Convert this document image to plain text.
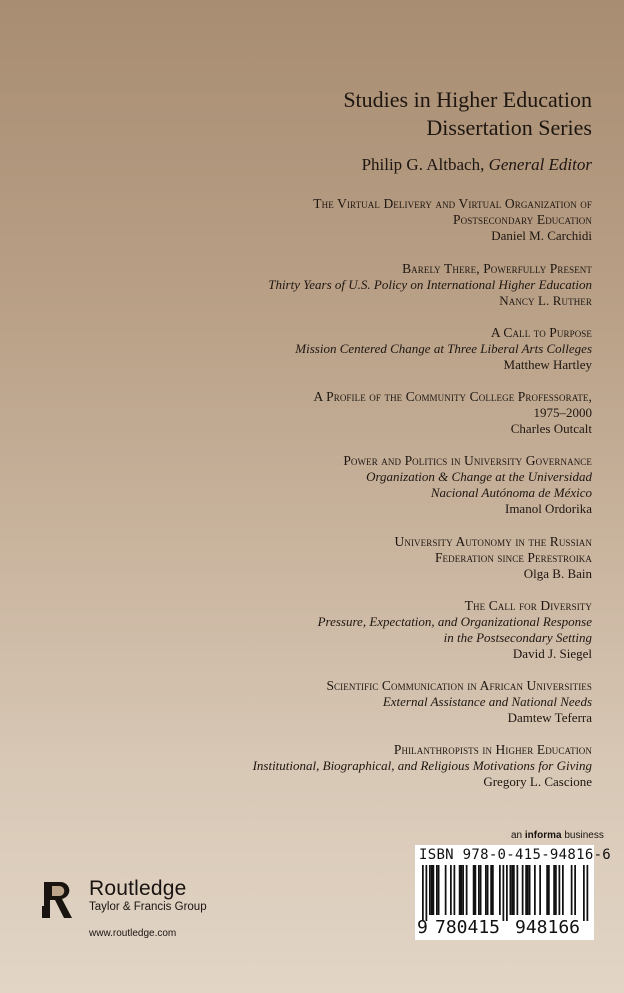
Studies in Higher Education
Dissertation Series
Philip G. Altbach, General Editor
The Virtual Delivery and Virtual Organization of
Postsecondary Education
Daniel M. Carchidi
Barely There, Powerfully Present
Thirty Years of U.S. Policy on International Higher Education
Nancy L. Ruther
A Call to Purpose
Mission Centered Change at Three Liberal Arts Colleges
Matthew Hartley
A Profile of the Community College Professorate,
1975–2000
Charles Outcalt
Power and Politics in University Governance
Organization & Change at the Universidad
Nacional Autónoma de México
Imanol Ordorika
University Autonomy in the Russian
Federation since Perestroika
Olga B. Bain
The Call for Diversity
Pressure, Expectation, and Organizational Response
in the Postsecondary Setting
David J. Siegel
Scientific Communication in African Universities
External Assistance and National Needs
Damtew Teferra
Philanthropists in Higher Education
Institutional, Biographical, and Religious Motivations for Giving
Gregory L. Cascione
Routledge
Taylor & Francis Group
www.routledge.com
an informa business
ISBN 978-0-415-94816-6
9 780415 948166
